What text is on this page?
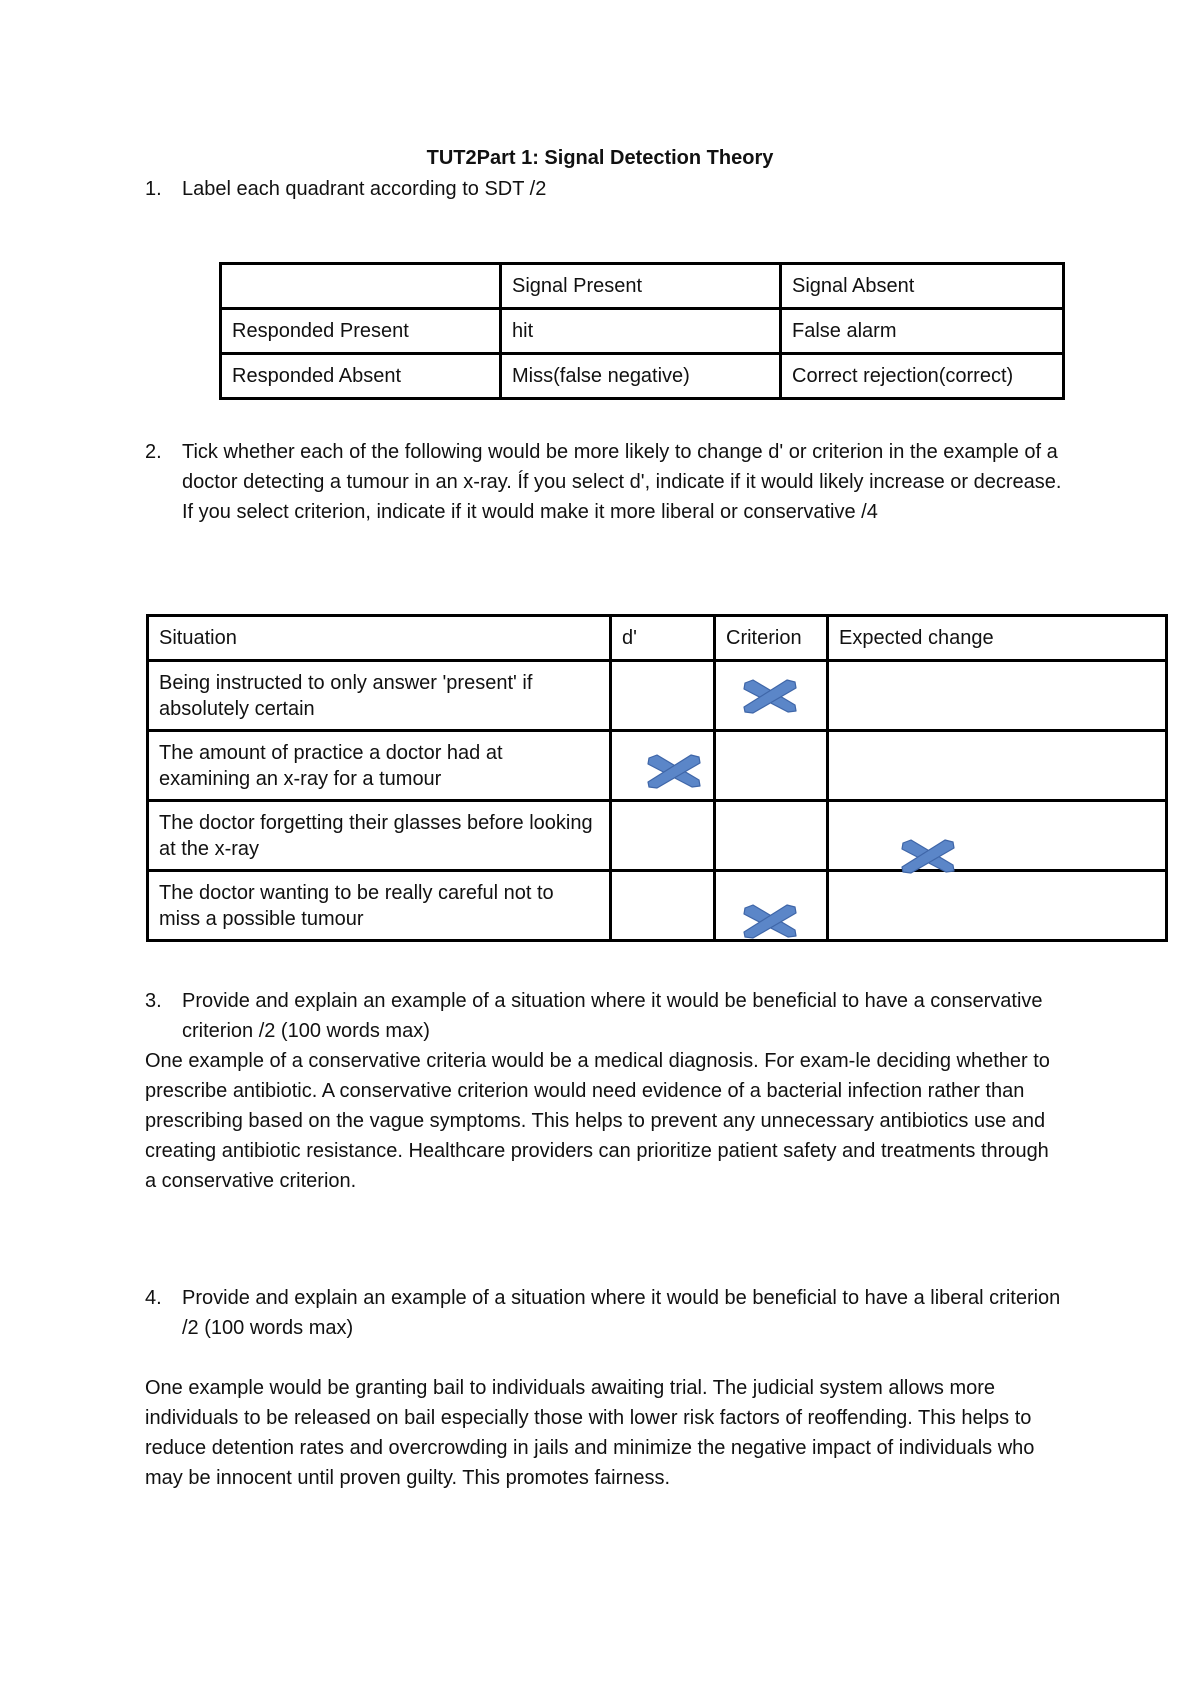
TUT2Part 1: Signal Detection Theory
1. Label each quadrant according to SDT /2
	Signal Present	Signal Absent
Responded Present	hit	False alarm
Responded Absent	Miss(false negative)	Correct rejection(correct)
2. Tick whether each of the following would be more likely to change d' or criterion in the example of a doctor detecting a tumour in an x-ray. Íf you select d', indicate if it would likely increase or decrease. If you select criterion, indicate if it would make it more liberal or conservative /4
Situation	d'	Criterion	Expected change
Being instructed to only answer 'present' if absolutely certain			
The amount of practice a doctor had at examining an x-ray for a tumour			
The doctor forgetting their glasses before looking at the x-ray			
The doctor wanting to be really careful not to miss a possible tumour			
3. Provide and explain an example of a situation where it would be beneficial to have a conservative criterion /2 (100 words max)

One example of a conservative criteria would be a medical diagnosis. For exam-le deciding whether to prescribe antibiotic. A conservative criterion would need evidence of a bacterial infection rather than prescribing based on the vague symptoms. This helps to prevent any unnecessary antibiotics use and creating antibiotic resistance. Healthcare providers can prioritize patient safety and treatments through a conservative criterion.

4. Provide and explain an example of a situation where it would be beneficial to have a liberal criterion /2 (100 words max)

One example would be granting bail to individuals awaiting trial. The judicial system allows more individuals to be released on bail especially those with lower risk factors of reoffending. This helps to reduce detention rates and overcrowding in jails and minimize the negative impact of individuals who may be innocent until proven guilty. This promotes fairness.
